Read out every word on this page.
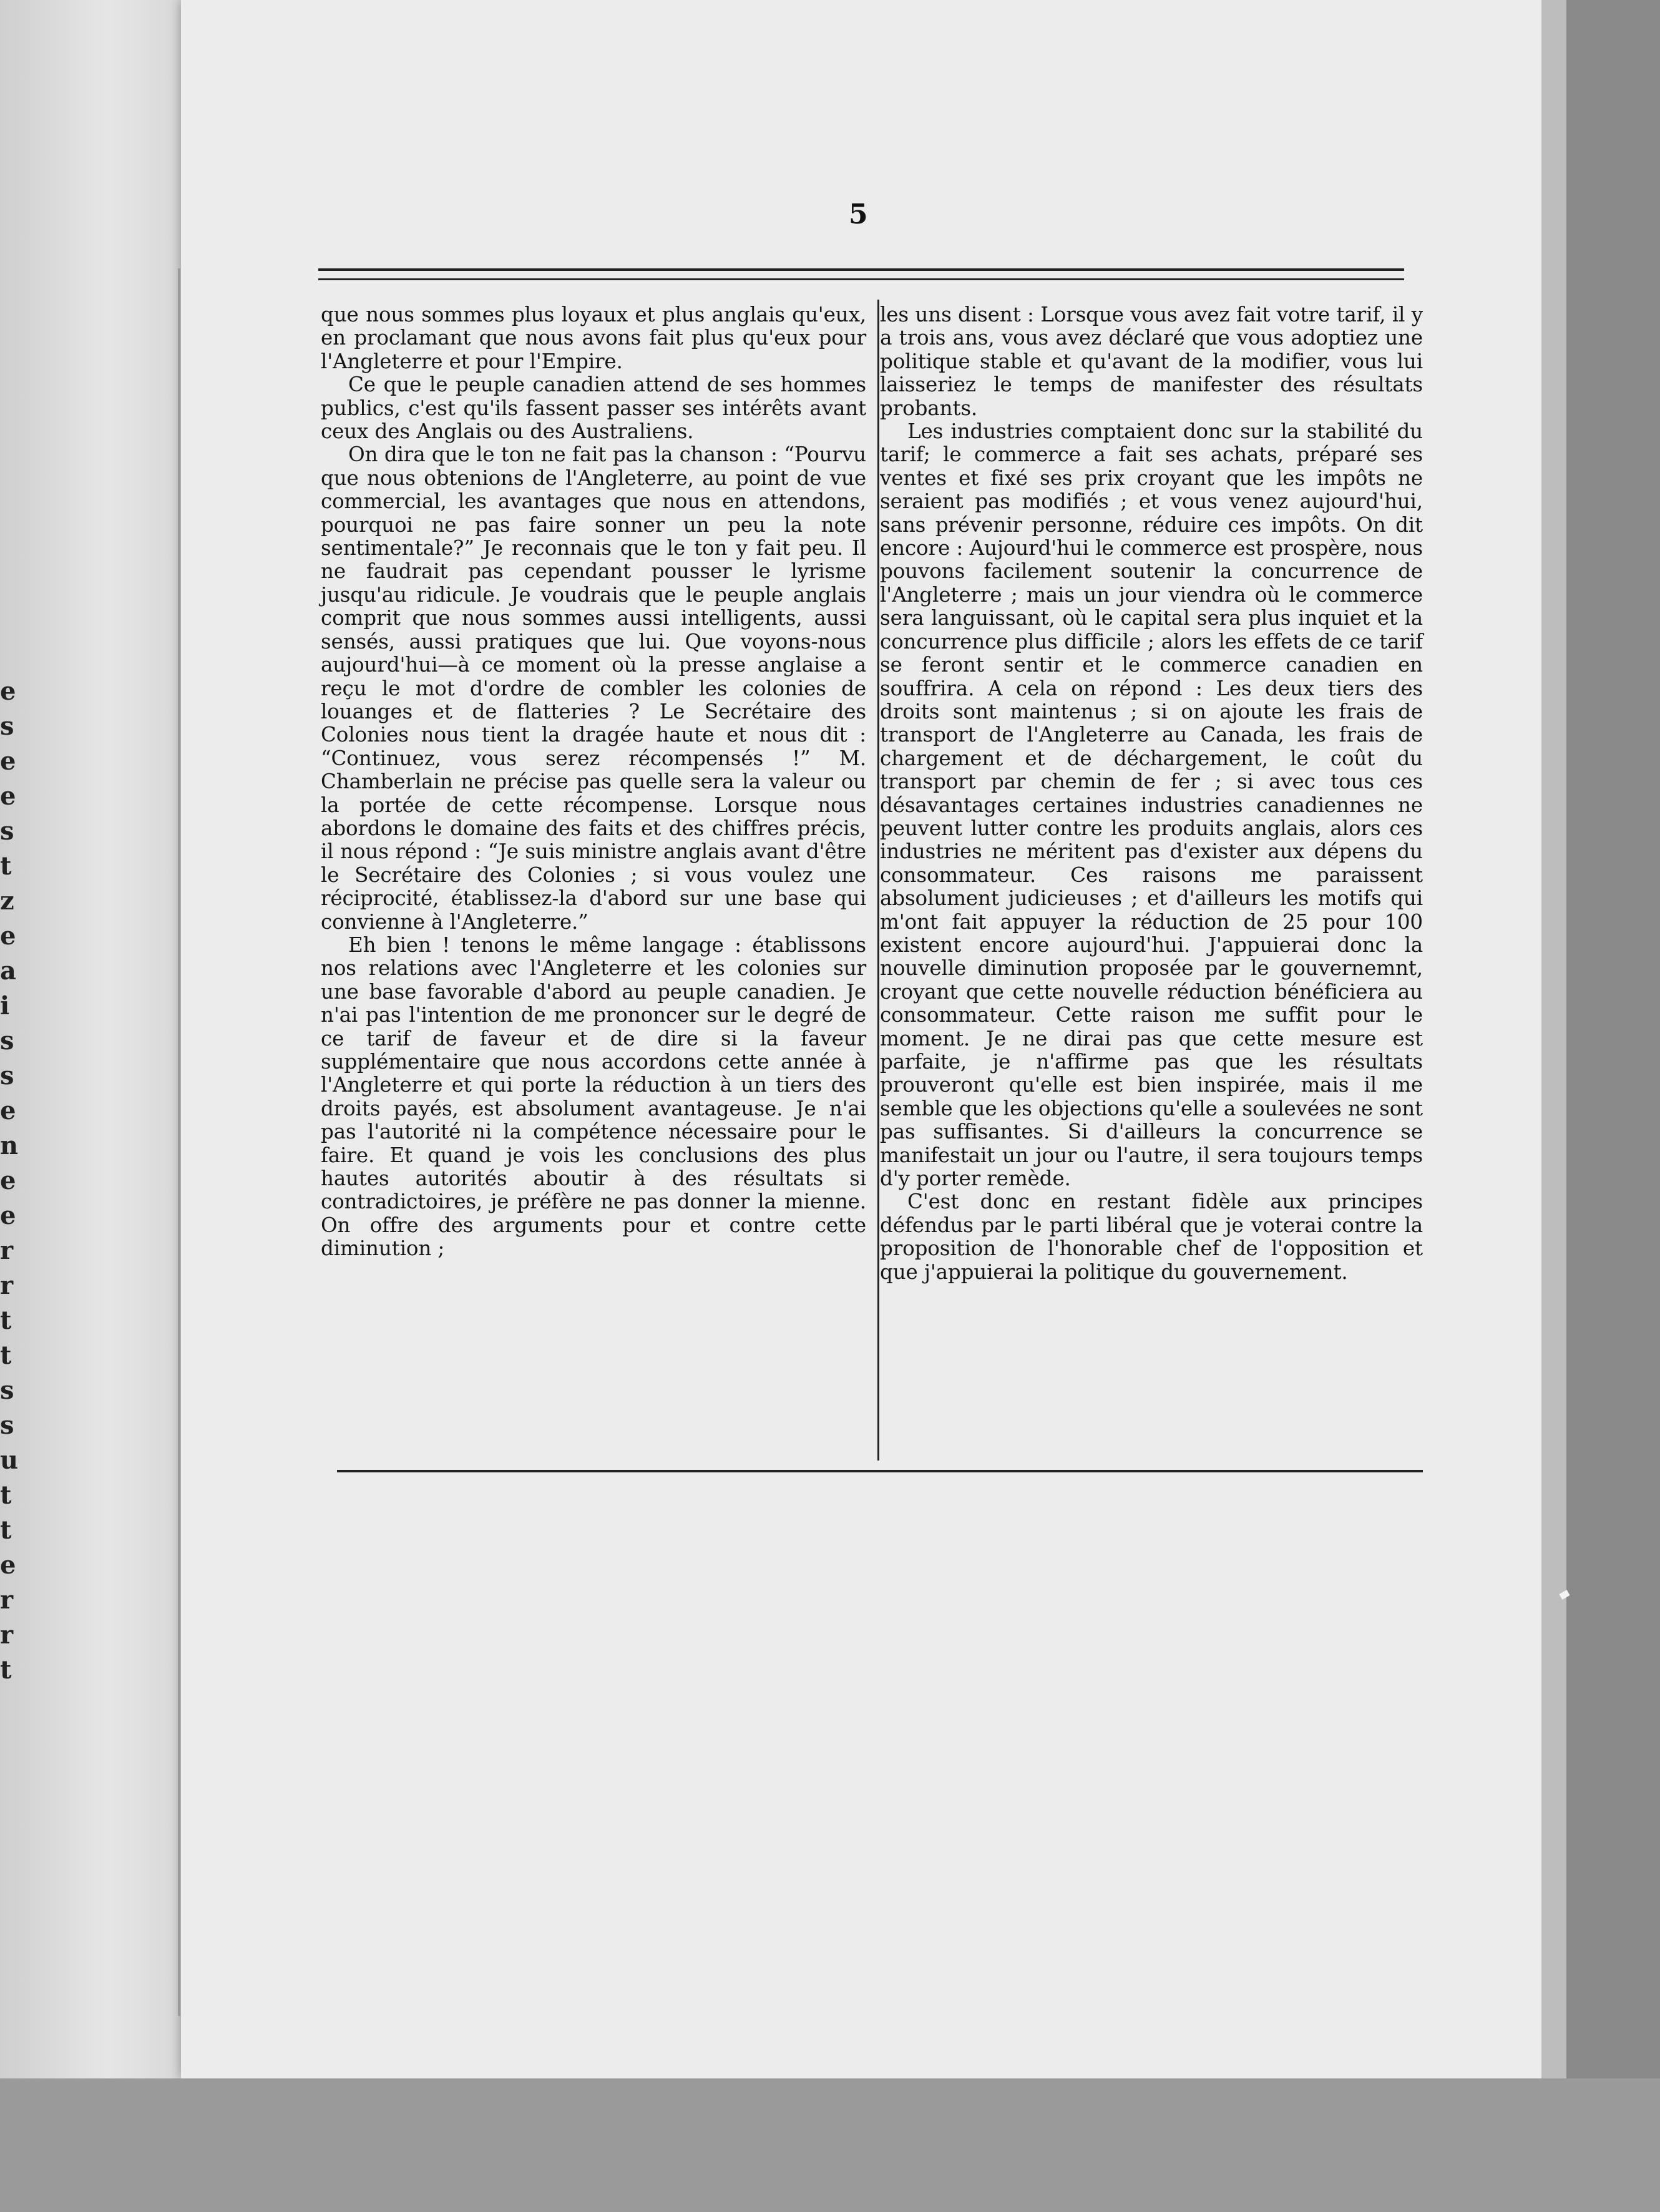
e
s
e
e
s
t
z
e
a
i
s
s
e
n
e
e
r
r
t
t
s
s
u
t
t
e
r
r
t
5

que nous sommes plus loyaux et plus anglais qu'eux, en proclamant que nous avons fait plus qu'eux pour l'Angleterre et pour l'Empire.

Ce que le peuple canadien attend de ses hommes publics, c'est qu'ils fassent passer ses intérêts avant ceux des Anglais ou des Australiens.

On dira que le ton ne fait pas la chanson : “Pourvu que nous obtenions de l'Angleterre, au point de vue commercial, les avantages que nous en attendons, pourquoi ne pas faire sonner un peu la note sentimentale?” Je reconnais que le ton y fait peu. Il ne faudrait pas cependant pousser le lyrisme jusqu'au ridicule. Je voudrais que le peuple anglais comprit que nous sommes aussi intelligents, aussi sensés, aussi pratiques que lui. Que voyons-nous aujourd'hui—à ce moment où la presse anglaise a reçu le mot d'ordre de combler les colonies de louanges et de flatteries ? Le Secrétaire des Colonies nous tient la dragée haute et nous dit : “Continuez, vous serez récompensés !” M. Chamberlain ne précise pas quelle sera la valeur ou la portée de cette récompense. Lorsque nous abordons le domaine des faits et des chiffres précis, il nous répond : “Je suis ministre anglais avant d'être le Secrétaire des Colonies ; si vous voulez une réciprocité, établissez-la d'abord sur une base qui convienne à l'Angleterre.”

Eh bien ! tenons le même langage : établissons nos relations avec l'Angleterre et les colonies sur une base favorable d'abord au peuple canadien. Je n'ai pas l'intention de me prononcer sur le degré de ce tarif de faveur et de dire si la faveur supplémentaire que nous accordons cette année à l'Angleterre et qui porte la réduction à un tiers des droits payés, est absolument avantageuse. Je n'ai pas l'autorité ni la compétence nécessaire pour le faire. Et quand je vois les conclusions des plus hautes autorités aboutir à des résultats si contradictoires, je préfère ne pas donner la mienne. On offre des arguments pour et contre cette diminution ;

les uns disent : Lorsque vous avez fait votre tarif, il y a trois ans, vous avez déclaré que vous adoptiez une politique stable et qu'avant de la modifier, vous lui laisseriez le temps de manifester des résultats probants.

Les industries comptaient donc sur la stabilité du tarif; le commerce a fait ses achats, préparé ses ventes et fixé ses prix croyant que les impôts ne seraient pas modifiés ; et vous venez aujourd'hui, sans prévenir personne, réduire ces impôts. On dit encore : Aujourd'hui le commerce est prospère, nous pouvons facilement soutenir la concurrence de l'Angleterre ; mais un jour viendra où le commerce sera languissant, où le capital sera plus inquiet et la concurrence plus difficile ; alors les effets de ce tarif se feront sentir et le commerce canadien en souffrira. A cela on répond : Les deux tiers des droits sont maintenus ; si on ajoute les frais de transport de l'Angleterre au Canada, les frais de chargement et de déchargement, le coût du transport par chemin de fer ; si avec tous ces désavantages certaines industries canadiennes ne peuvent lutter contre les produits anglais, alors ces industries ne méritent pas d'exister aux dépens du consommateur. Ces raisons me paraissent absolument judicieuses ; et d'ailleurs les motifs qui m'ont fait appuyer la réduction de 25 pour 100 existent encore aujourd'hui. J'appuierai donc la nouvelle diminution proposée par le gouvernemnt, croyant que cette nouvelle réduction bénéficiera au consommateur. Cette raison me suffit pour le moment. Je ne dirai pas que cette mesure est parfaite, je n'affirme pas que les résultats prouveront qu'elle est bien inspirée, mais il me semble que les objections qu'elle a soulevées ne sont pas suffisantes. Si d'ailleurs la concurrence se manifestait un jour ou l'autre, il sera toujours temps d'y porter remède.

C'est donc en restant fidèle aux principes défendus par le parti libéral que je voterai contre la proposition de l'honorable chef de l'opposition et que j'appuierai la politique du gouvernement.
